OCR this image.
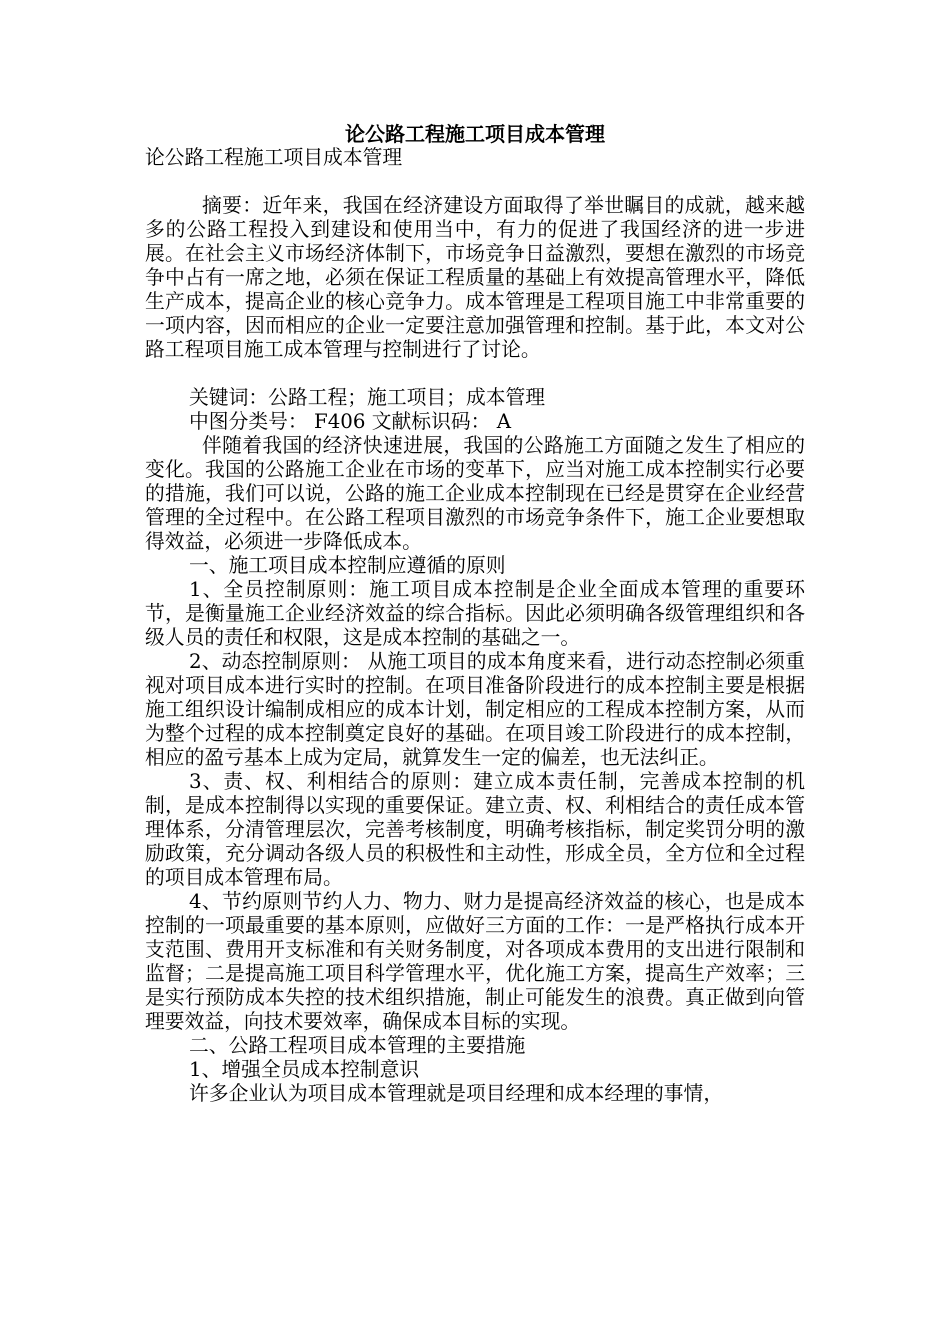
论公路工程施工项目成本管理

论公路工程施工项目成本管理

摘要：近年来，我国在经济建设方面取得了举世瞩目的成就，越来越多的公路工程投入到建设和使用当中，有力的促进了我国经济的进一步进展。在社会主义市场经济体制下，市场竞争日益激烈，要想在激烈的市场竞争中占有一席之地，必须在保证工程质量的基础上有效提高管理水平，降低生产成本，提高企业的核心竞争力。成本管理是工程项目施工中非常重要的一项内容，因而相应的企业一定要注意加强管理和控制。基于此，本文对公路工程项目施工成本管理与控制进行了讨论。

关键词：公路工程；施工项目；成本管理

中图分类号： F406 文献标识码： A

伴随着我国的经济快速进展，我国的公路施工方面随之发生了相应的变化。我国的公路施工企业在市场的变革下，应当对施工成本控制实行必要的措施，我们可以说，公路的施工企业成本控制现在已经是贯穿在企业经营管理的全过程中。在公路工程项目激烈的市场竞争条件下，施工企业要想取得效益，必须进一步降低成本。

一、施工项目成本控制应遵循的原则

1、全员控制原则：施工项目成本控制是企业全面成本管理的重要环节，是衡量施工企业经济效益的综合指标。因此必须明确各级管理组织和各级人员的责任和权限，这是成本控制的基础之一。

2、动态控制原则： 从施工项目的成本角度来看，进行动态控制必须重视对项目成本进行实时的控制。在项目准备阶段进行的成本控制主要是根据施工组织设计编制成相应的成本计划，制定相应的工程成本控制方案，从而为整个过程的成本控制奠定良好的基础。在项目竣工阶段进行的成本控制，相应的盈亏基本上成为定局，就算发生一定的偏差，也无法纠正。

3、责、权、利相结合的原则：建立成本责任制，完善成本控制的机制，是成本控制得以实现的重要保证。建立责、权、利相结合的责任成本管理体系，分清管理层次，完善考核制度，明确考核指标，制定奖罚分明的激励政策，充分调动各级人员的积极性和主动性，形成全员，全方位和全过程的项目成本管理布局。

4、节约原则节约人力、物力、财力是提高经济效益的核心，也是成本控制的一项最重要的基本原则，应做好三方面的工作：一是严格执行成本开支范围、费用开支标准和有关财务制度，对各项成本费用的支出进行限制和监督；二是提高施工项目科学管理水平，优化施工方案，提高生产效率；三是实行预防成本失控的技术组织措施，制止可能发生的浪费。真正做到向管理要效益，向技术要效率，确保成本目标的实现。

二、公路工程项目成本管理的主要措施

1、增强全员成本控制意识

许多企业认为项目成本管理就是项目经理和成本经理的事情，
